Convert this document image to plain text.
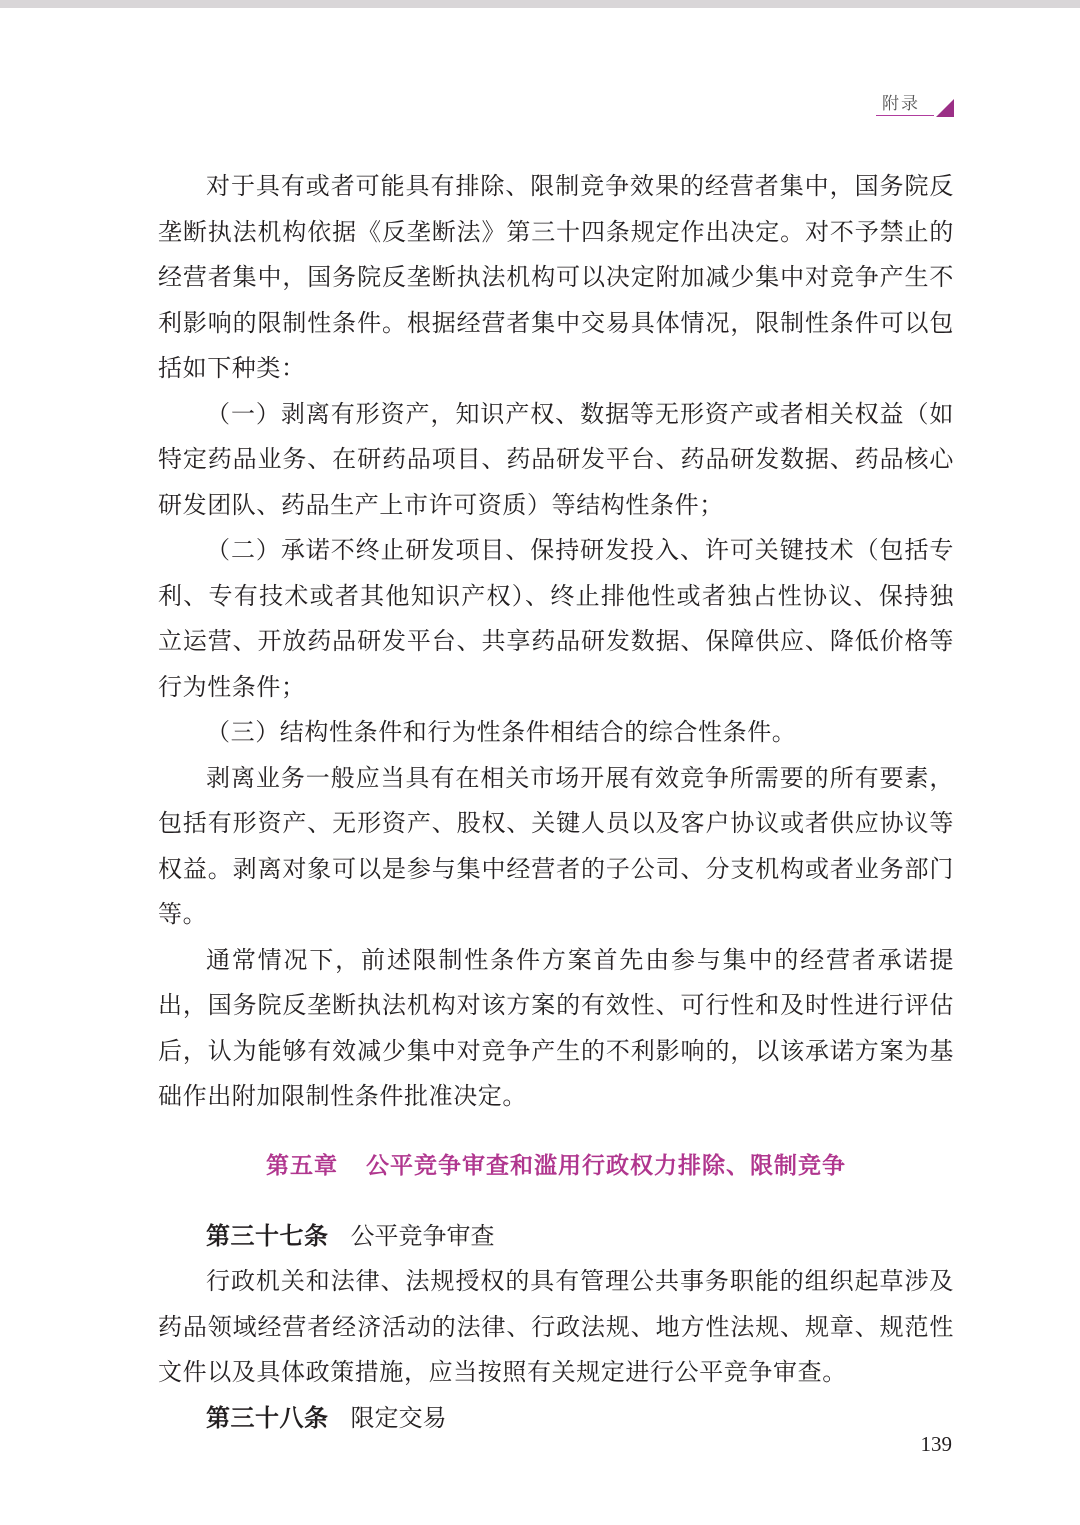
附录

对于具有或者可能具有排除、限制竞争效果的经营者集中，国务院反垄断执法机构依据《反垄断法》第三十四条规定作出决定。对不予禁止的经营者集中，国务院反垄断执法机构可以决定附加减少集中对竞争产生不利影响的限制性条件。根据经营者集中交易具体情况，限制性条件可以包括如下种类：

（一）剥离有形资产，知识产权、数据等无形资产或者相关权益（如特定药品业务、在研药品项目、药品研发平台、药品研发数据、药品核心研发团队、药品生产上市许可资质）等结构性条件；

（二）承诺不终止研发项目、保持研发投入、许可关键技术（包括专利、专有技术或者其他知识产权）、终止排他性或者独占性协议、保持独立运营、开放药品研发平台、共享药品研发数据、保障供应、降低价格等行为性条件；

（三）结构性条件和行为性条件相结合的综合性条件。

剥离业务一般应当具有在相关市场开展有效竞争所需要的所有要素，包括有形资产、无形资产、股权、关键人员以及客户协议或者供应协议等权益。剥离对象可以是参与集中经营者的子公司、分支机构或者业务部门等。

通常情况下，前述限制性条件方案首先由参与集中的经营者承诺提出，国务院反垄断执法机构对该方案的有效性、可行性和及时性进行评估后，认为能够有效减少集中对竞争产生的不利影响的，以该承诺方案为基础作出附加限制性条件批准决定。

第五章 公平竞争审查和滥用行政权力排除、限制竞争

第三十七条 公平竞争审查

行政机关和法律、法规授权的具有管理公共事务职能的组织起草涉及药品领域经营者经济活动的法律、行政法规、地方性法规、规章、规范性文件以及具体政策措施，应当按照有关规定进行公平竞争审查。

第三十八条 限定交易

139
